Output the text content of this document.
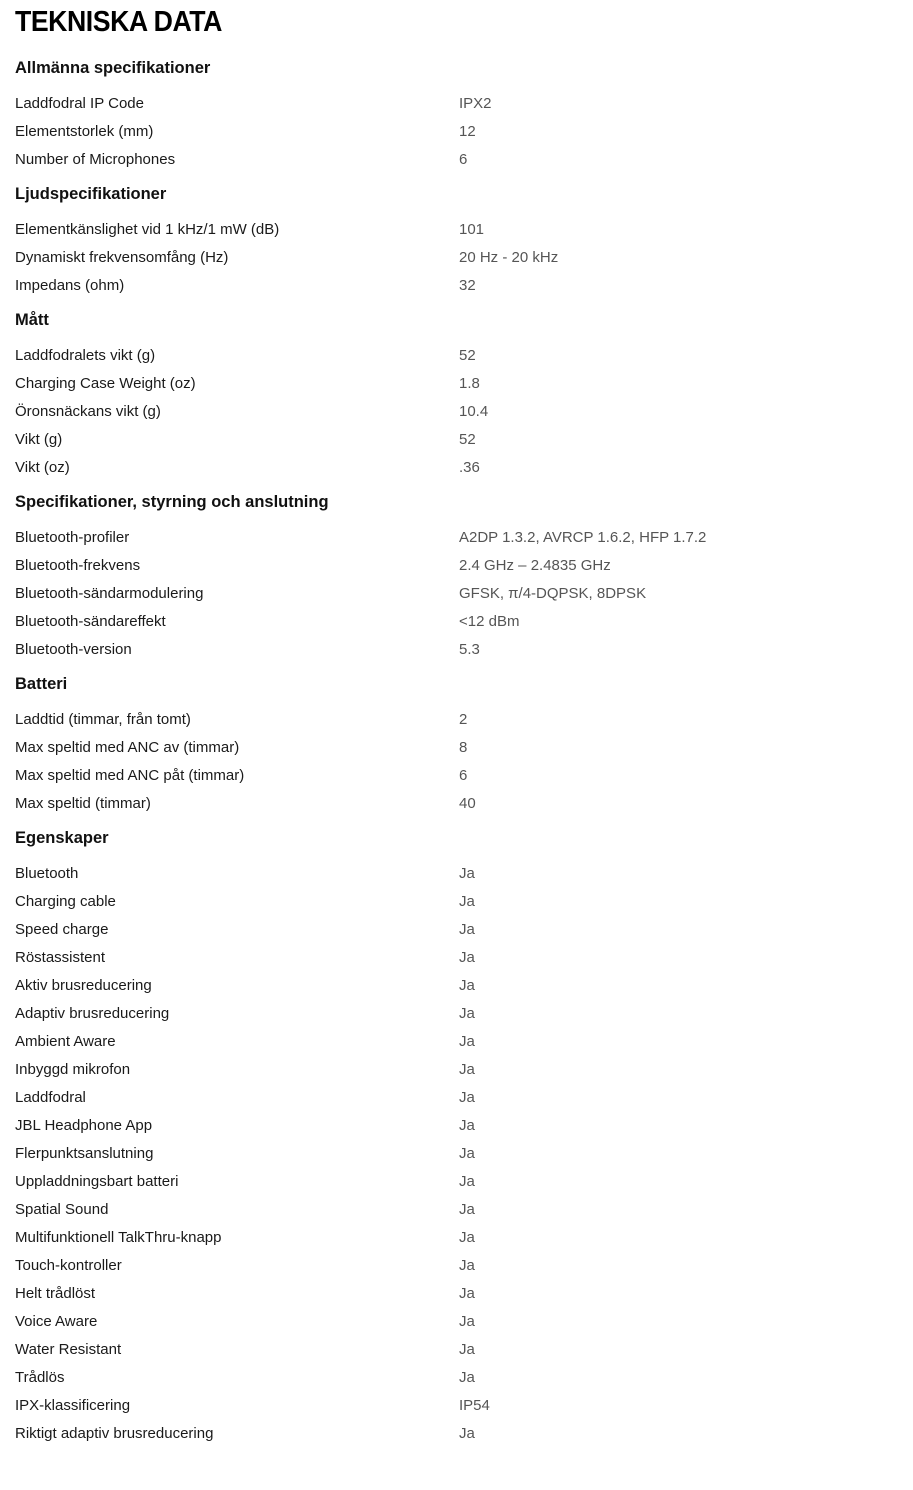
TEKNISKA DATA
Allmänna specifikationer
Laddfodral IP Code	IPX2
Elementstorlek (mm)	12
Number of Microphones	6
Ljudspecifikationer
Elementkänslighet vid 1 kHz/1 mW (dB)	101
Dynamiskt frekvensomfång (Hz)	20 Hz - 20 kHz
Impedans (ohm)	32
Mått
Laddfodralets vikt (g)	52
Charging Case Weight (oz)	1.8
Öronsnäckans vikt (g)	10.4
Vikt (g)	52
Vikt (oz)	.36
Specifikationer, styrning och anslutning
Bluetooth-profiler	A2DP 1.3.2, AVRCP 1.6.2, HFP 1.7.2
Bluetooth-frekvens	2.4 GHz – 2.4835 GHz
Bluetooth-sändarmodulering	GFSK, π/4-DQPSK, 8DPSK
Bluetooth-sändareffekt	<12 dBm
Bluetooth-version	5.3
Batteri
Laddtid (timmar, från tomt)	2
Max speltid med ANC av (timmar)	8
Max speltid med ANC påt (timmar)	6
Max speltid (timmar)	40
Egenskaper
Bluetooth	Ja
Charging cable	Ja
Speed charge	Ja
Röstassistent	Ja
Aktiv brusreducering	Ja
Adaptiv brusreducering	Ja
Ambient Aware	Ja
Inbyggd mikrofon	Ja
Laddfodral	Ja
JBL Headphone App	Ja
Flerpunktsanslutning	Ja
Uppladdningsbart batteri	Ja
Spatial Sound	Ja
Multifunktionell TalkThru-knapp	Ja
Touch-kontroller	Ja
Helt trådlöst	Ja
Voice Aware	Ja
Water Resistant	Ja
Trådlös	Ja
IPX-klassificering	IP54
Riktigt adaptiv brusreducering	Ja
